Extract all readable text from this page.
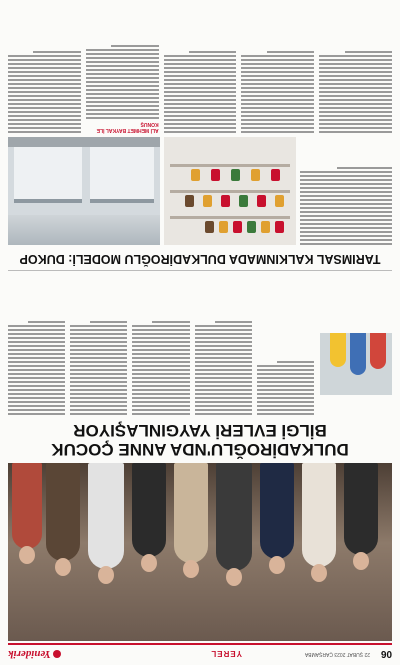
06
22 ŞUBAT 2023 ÇARŞAMBA
YEREL
Yeniderik
DULKADİROĞLU'NDA ANNE ÇOCUK
BİLGİ EVLERİ YAYGINLAŞIYOR
TARIMSAL KALKINMADA DULKADİROĞLU MODELİ: DUKOP
ALİ MEHMET BAYKAL İLE KONUŞ
